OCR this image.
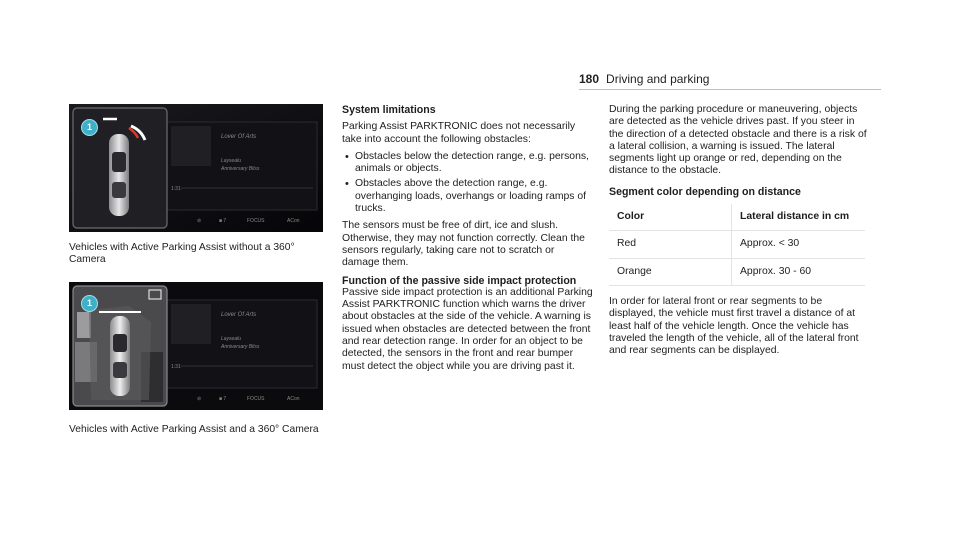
180 Driving and parking
Lover Of Arts
Laysealu
Anniversary Bliss
1:31
⊘	■ 7	FOCUS	ACon
1
Vehicles with Active Parking Assist without a 360° Camera
Lover Of Arts
Laysealu
Anniversary Bliss
1:31
⊘	■ 7	FOCUS	ACon
1
Vehicles with Active Parking Assist and a 360° Camera
System limitations

Parking Assist PARKTRONIC does not necessarily take into account the following obstacles:

• Obstacles below the detection range, e.g. persons, animals or objects.
• Obstacles above the detection range, e.g. overhanging loads, overhangs or loading ramps of trucks.

The sensors must be free of dirt, ice and slush. Otherwise, they may not function correctly. Clean the sensors regularly, taking care not to scratch or damage them.

Function of the passive side impact protection

Passive side impact protection is an additional Parking Assist PARKTRONIC function which warns the driver about obstacles at the side of the vehicle. A warning is issued when obstacles are detected between the front and rear detection range. In order for an object to be detected, the sensors in the front and rear bumper must detect the object while you are driving past it.

During the parking procedure or maneuvering, objects are detected as the vehicle drives past. If you steer in the direction of a detected obstacle and there is a risk of a lateral collision, a warning is issued. The lateral segments light up orange or red, depending on the distance to the obstacle.

Segment color depending on distance
Color	Lateral distance in cm
Red	Approx. < 30
Orange	Approx. 30 - 60

In order for lateral front or rear segments to be displayed, the vehicle must first travel a distance of at least half of the vehicle length. Once the vehicle has traveled the length of the vehicle, all of the lateral front and rear segments can be displayed.
